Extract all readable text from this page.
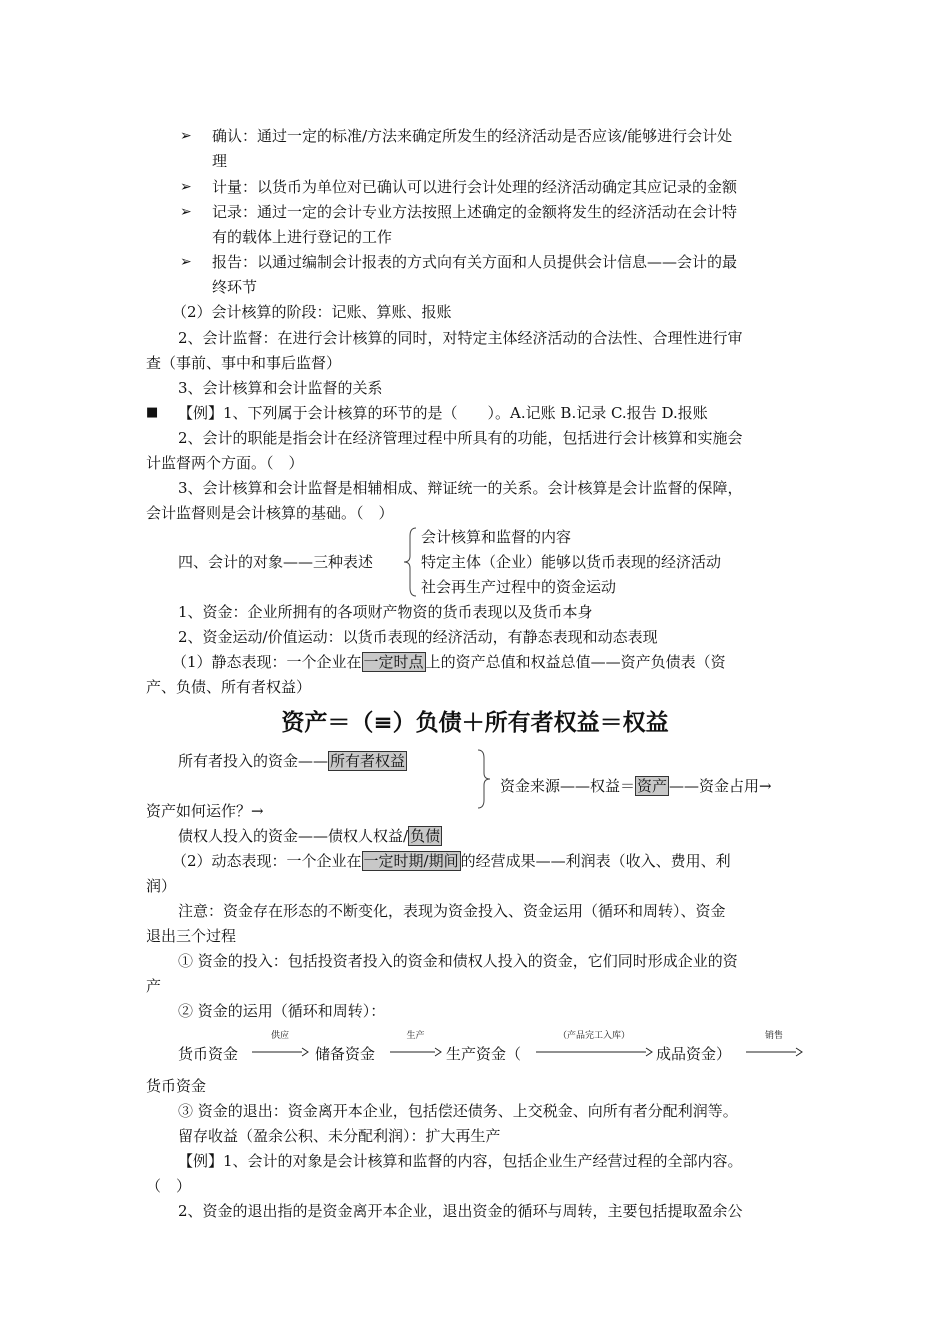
➢ 确认：通过一定的标准/方法来确定所发生的经济活动是否应该/能够进行会计处
理
➢ 计量：以货币为单位对已确认可以进行会计处理的经济活动确定其应记录的金额
➢ 记录：通过一定的会计专业方法按照上述确定的金额将发生的经济活动在会计特
有的载体上进行登记的工作
➢ 报告：以通过编制会计报表的方式向有关方面和人员提供会计信息——会计的最
终环节
（2）会计核算的阶段：记账、算账、报账
2、会计监督：在进行会计核算的同时，对特定主体经济活动的合法性、合理性进行审
查（事前、事中和事后监督）
3、会计核算和会计监督的关系
■ 【例】1、下列属于会计核算的环节的是（　　）。A.记账 B.记录 C.报告 D.报账
2、会计的职能是指会计在经济管理过程中所具有的功能，包括进行会计核算和实施会
计监督两个方面。（　）
3、会计核算和会计监督是相辅相成、辩证统一的关系。会计核算是会计监督的保障，
会计监督则是会计核算的基础。（　）
四、会计的对象——三种表述
会计核算和监督的内容
特定主体（企业）能够以货币表现的经济活动
社会再生产过程中的资金运动
1、资金：企业所拥有的各项财产物资的货币表现以及货币本身
2、资金运动/价值运动：以货币表现的经济活动，有静态表现和动态表现
（1）静态表现：一个企业在 一定时点 上的资产总值和权益总值——资产负债表（资
产、负债、所有者权益）
资产＝（≡）负债＋所有者权益＝权益
所有者投入的资金—— 所有者权益
资金来源——权益＝ 资产 ——资金占用→
资产如何运作？→
债权人投入的资金——债权人权益/ 负债
（2）动态表现：一个企业在 一定时期/期间 的经营成果——利润表（收入、费用、利
润）
注意：资金存在形态的不断变化，表现为资金投入、资金运用（循环和周转）、资金
退出三个过程
① 资金的投入：包括投资者投入的资金和债权人投入的资金，它们同时形成企业的资
产
② 资金的运用（循环和周转）：
货币资金
供应
储备资金
生产
生产资金（
（产品完工入库）
成品资金）
销售
货币资金
③ 资金的退出：资金离开本企业，包括偿还债务、上交税金、向所有者分配利润等。
留存收益（盈余公积、未分配利润）：扩大再生产
【例】1、会计的对象是会计核算和监督的内容，包括企业生产经营过程的全部内容。
（　）
2、资金的退出指的是资金离开本企业，退出资金的循环与周转，主要包括提取盈余公
